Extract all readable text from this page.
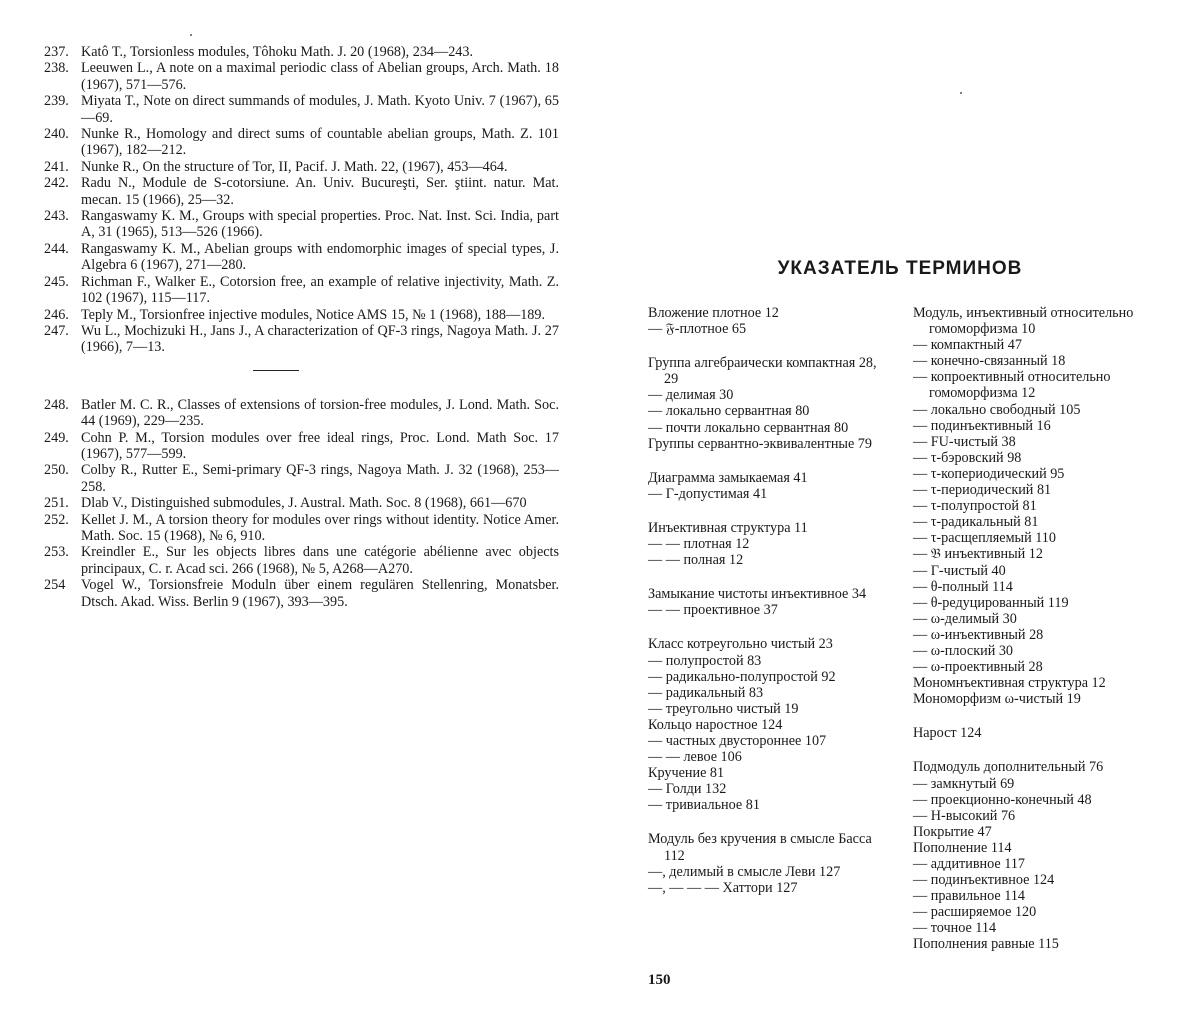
237. Katô T., Torsionless modules, Tôhoku Math. J. 20 (1968), 234—243.
238. Leeuwen L., A note on a maximal periodic class of Abelian groups, Arch. Math. 18 (1967), 571—576.
239. Miyata T., Note on direct summands of modules, J. Math. Kyoto Univ. 7 (1967), 65—69.
240. Nunke R., Homology and direct sums of countable abelian groups, Math. Z. 101 (1967), 182—212.
241. Nunke R., On the structure of Tor, II, Pacif. J. Math. 22, (1967), 453—464.
242. Radu N., Module de S-cotorsiune. An. Univ. Bucureşti, Ser. ştiint. natur. Mat. mecan. 15 (1966), 25—32.
243. Rangaswamy K. M., Groups with special properties. Proc. Nat. Inst. Sci. India, part A, 31 (1965), 513—526 (1966).
244. Rangaswamy K. M., Abelian groups with endomorphic images of special types, J. Algebra 6 (1967), 271—280.
245. Richman F., Walker E., Cotorsion free, an example of relative injectivity, Math. Z. 102 (1967), 115—117.
246. Teply M., Torsionfree injective modules, Notice AMS 15, № 1 (1968), 188—189.
247. Wu L., Mochizuki H., Jans J., A characterization of QF-3 rings, Nagoya Math. J. 27 (1966), 7—13.
248. Batler M. C. R., Classes of extensions of torsion-free modules, J. Lond. Math. Soc. 44 (1969), 229—235.
249. Cohn P. M., Torsion modules over free ideal rings, Proc. Lond. Math Soc. 17 (1967), 577—599.
250. Colby R., Rutter E., Semi-primary QF-3 rings, Nagoya Math. J. 32 (1968), 253—258.
251. Dlab V., Distinguished submodules, J. Austral. Math. Soc. 8 (1968), 661—670
252. Kellet J. M., A torsion theory for modules over rings without identity. Notice Amer. Math. Soc. 15 (1968), № 6, 910.
253. Kreindler E., Sur les objects libres dans une catégorie abélienne avec objects principaux, C. r. Acad sci. 266 (1968), № 5, A268—A270.
254	Vogel W., Torsionsfreie Moduln über einem regulären Stellenring, Monatsber. Dtsch. Akad. Wiss. Berlin 9 (1967), 393—395.
УКАЗАТЕЛЬ ТЕРМИНОВ
Вложение плотное 12
— 𝔉-плотное 65
Группа алгебраически компактная 28, 29
— делимая 30
— локально сервантная 80
— почти локально сервантная 80
Группы сервантно-эквивалентные 79
Диаграмма замыкаемая 41
— Г-допустимая 41
Инъективная структура 11
— — плотная 12
— — полная 12
Замыкание чистоты инъективное 34
— — проективное 37
Класс котреугольно чистый 23
— полупростой 83
— радикально-полупростой 92
— радикальный 83
— треугольно чистый 19
Кольцо наростное 124
— частных двустороннее 107
— — левое 106
Кручение 81
— Голди 132
— тривиальное 81
Модуль без кручения в смысле Басса 112
—, делимый в смысле Леви 127
—, — — — Хаттори 127
Модуль, инъективный относительно гомоморфизма 10
— компактный 47
— конечно-связанный 18
— копроективный относительно гомоморфизма 12
— локально свободный 105
— подинъективный 16
— FU-чистый 38
— τ-бэровский 98
— τ-копериодический 95
— τ-периодический 81
— τ-полупростой 81
— τ-радикальный 81
— τ-расщепляемый 110
— 𝔅 инъективный 12
— Г-чистый 40
— θ-полный 114
— θ-редуцированный 119
— ω-делимый 30
— ω-инъективный 28
— ω-плоский 30
— ω-проективный 28
Мономнъективная структура 12
Мономорфизм ω-чистый 19
Нарост 124
Подмодуль дополнительный 76
— замкнутый 69
— проекционно-конечный 48
— H-высокий 76
Покрытие 47
Пополнение 114
— аддитивное 117
— подинъективное 124
— правильное 114
— расширяемое 120
— точное 114
Пополнения равные 115
150
